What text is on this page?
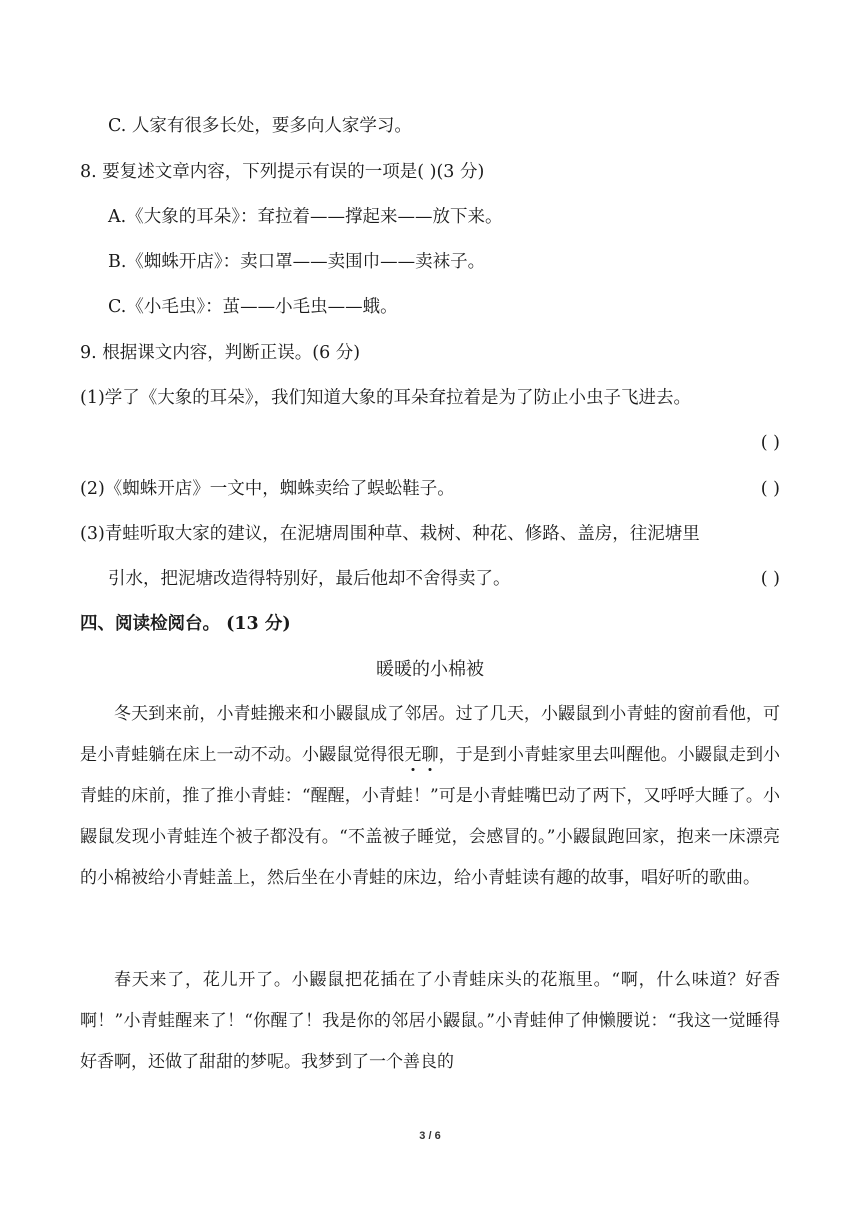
C. 人家有很多长处，要多向人家学习。
8. 要复述文章内容，下列提示有误的一项是( )(3 分)
A.《大象的耳朵》：耷拉着——撑起来——放下来。
B.《蜘蛛开店》：卖口罩——卖围巾——卖袜子。
C.《小毛虫》：茧——小毛虫——蛾。
9. 根据课文内容，判断正误。(6 分)
(1)学了《大象的耳朵》，我们知道大象的耳朵耷拉着是为了防止小虫子飞进去。
( )
(2)《蜘蛛开店》一文中，蜘蛛卖给了蜈蚣鞋子。	( )
(3)青蛙听取大家的建议，在泥塘周围种草、栽树、种花、修路、盖房，往泥塘里
引水，把泥塘改造得特别好，最后他却不舍得卖了。	( )
四、阅读检阅台。 (13 分)
暖暖的小棉被

冬天到来前，小青蛙搬来和小鼹鼠成了邻居。过了几天，小鼹鼠到小青蛙的窗前看他，可是小青蛙躺在床上一动不动。小鼹鼠觉得很无聊，于是到小青蛙家里去叫醒他。小鼹鼠走到小青蛙的床前，推了推小青蛙：“醒醒，小青蛙！”可是小青蛙嘴巴动了两下，又呼呼大睡了。小鼹鼠发现小青蛙连个被子都没有。“不盖被子睡觉，会感冒的。”小鼹鼠跑回家，抱来一床漂亮的小棉被给小青蛙盖上，然后坐在小青蛙的床边，给小青蛙读有趣的故事，唱好听的歌曲。

春天来了，花儿开了。小鼹鼠把花插在了小青蛙床头的花瓶里。“啊，什么味道？好香啊！”小青蛙醒来了！“你醒了！我是你的邻居小鼹鼠。”小青蛙伸了伸懒腰说：“我这一觉睡得好香啊，还做了甜甜的梦呢。我梦到了一个善良的

3 / 6
